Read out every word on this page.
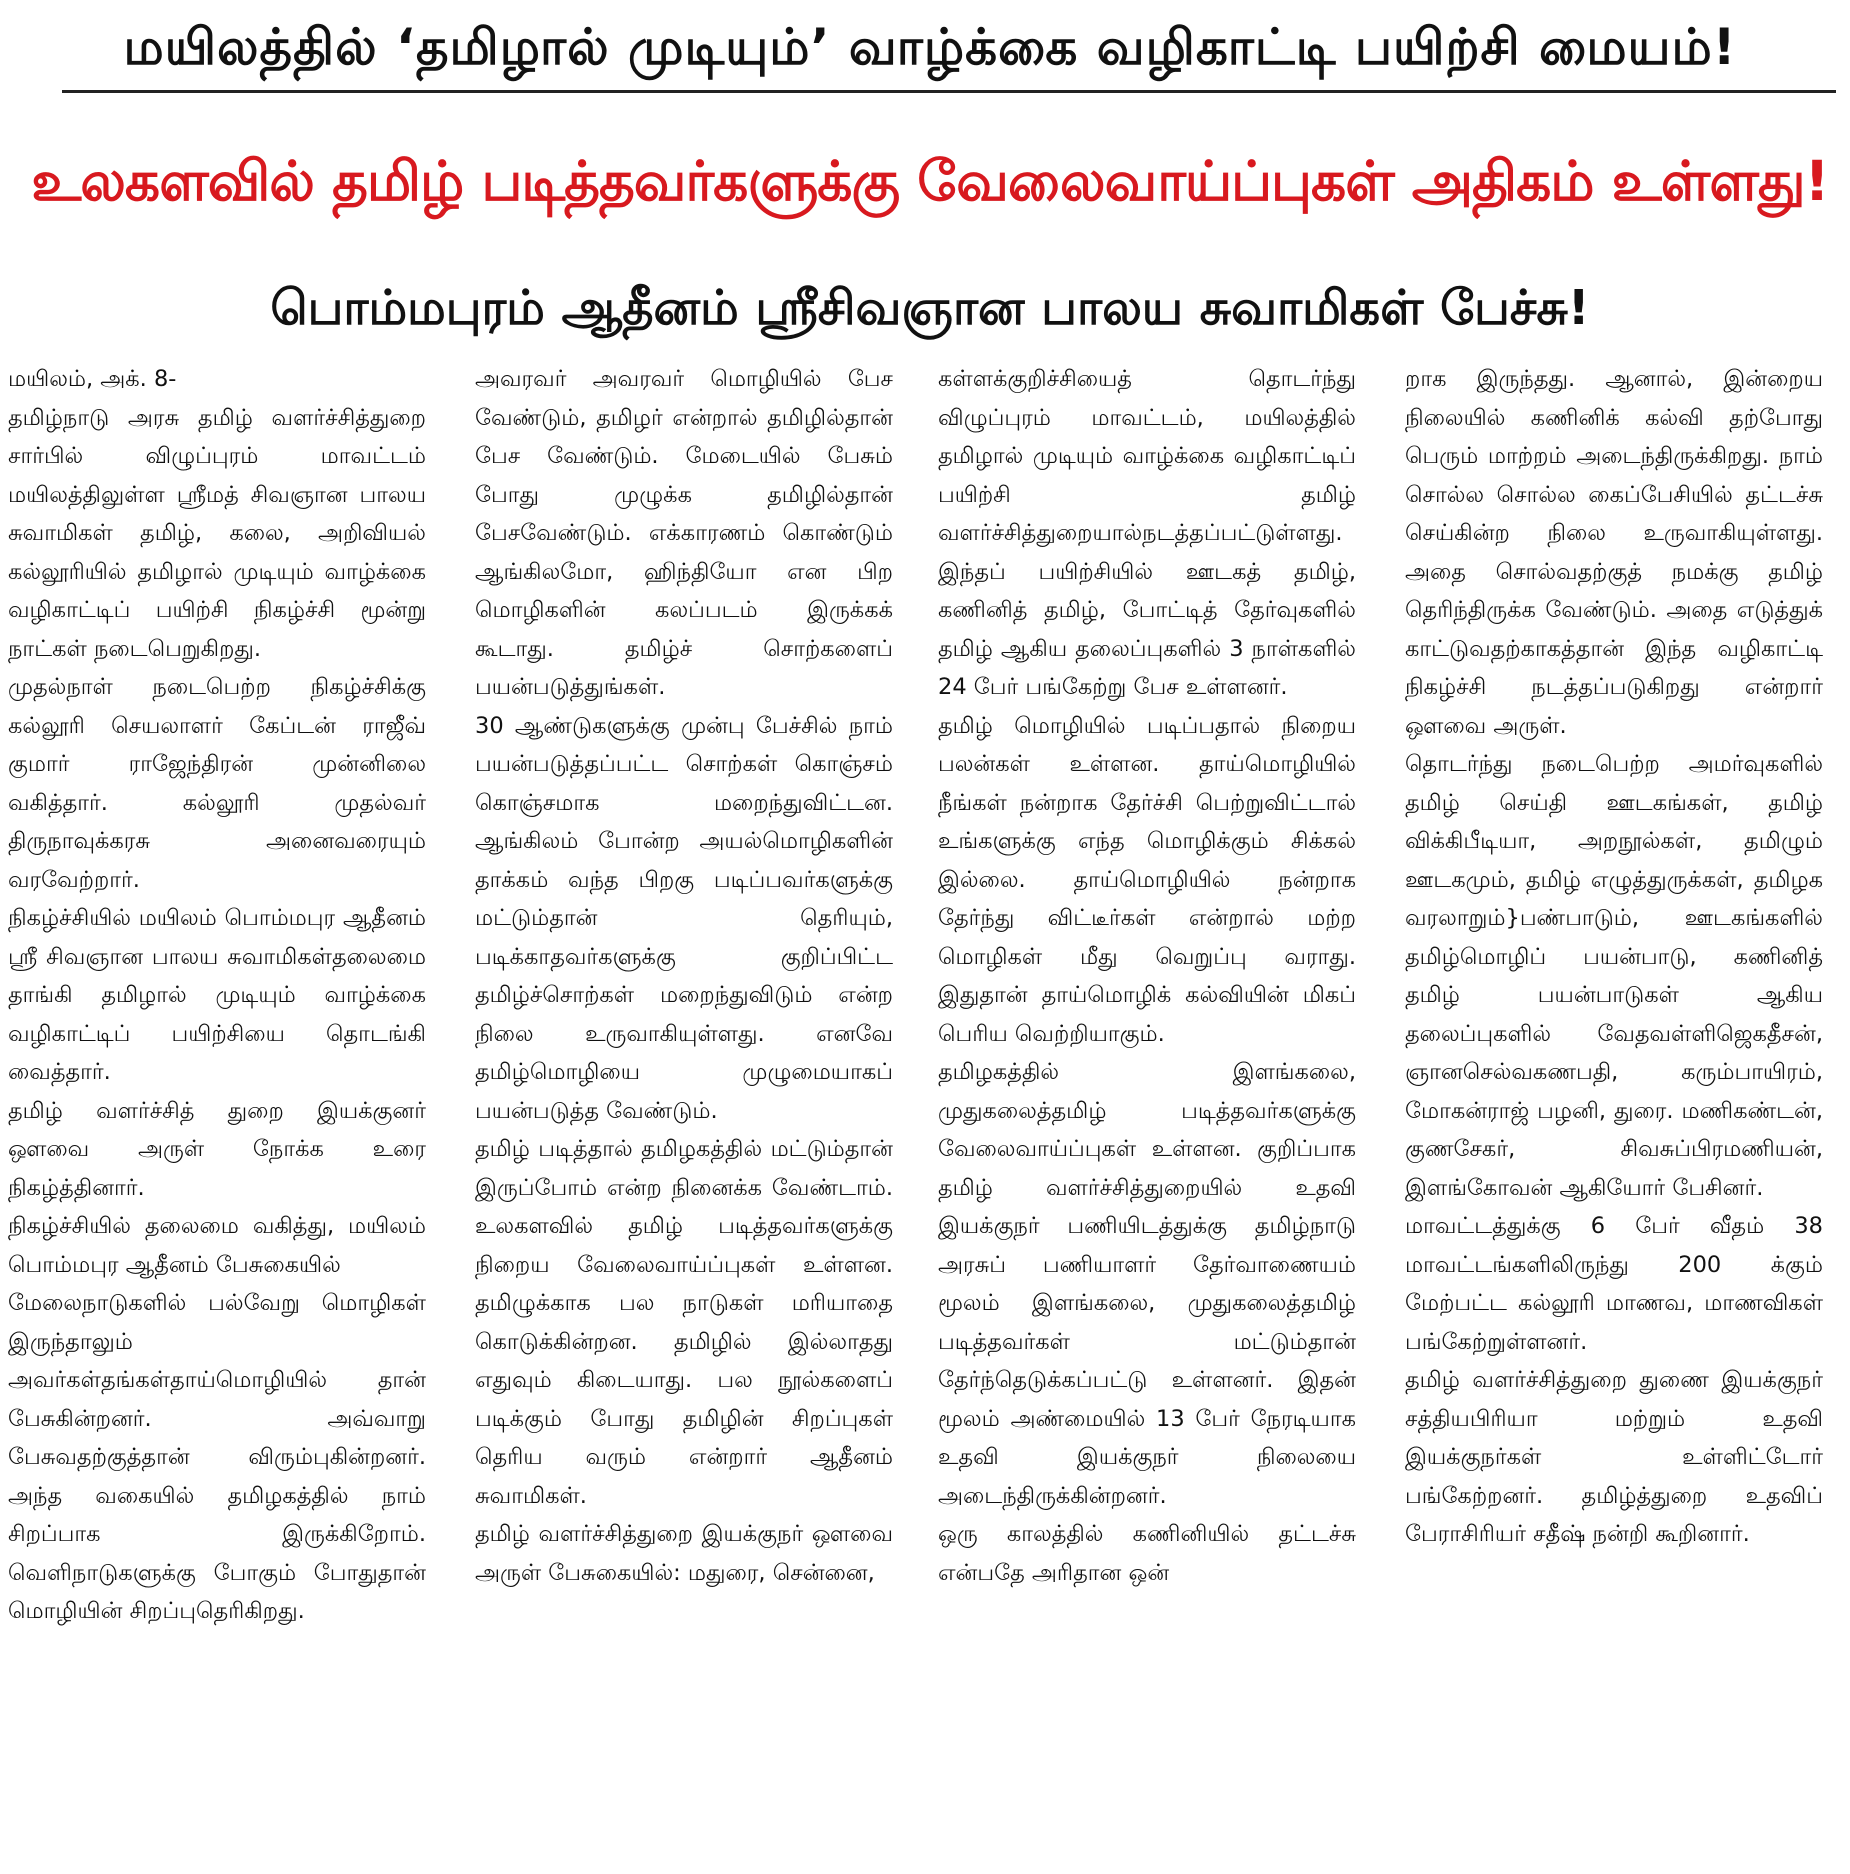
மயிலத்தில் ‘தமிழால் முடியும்’ வாழ்க்கை வழிகாட்டி பயிற்சி மையம்!
உலகளவில் தமிழ் படித்தவர்களுக்கு வேலைவாய்ப்புகள் அதிகம் உள்ளது!
பொம்மபுரம் ஆதீனம் ஸ்ரீசிவஞான பாலய சுவாமிகள் பேச்சு!

மயிலம், அக். 8-
தமிழ்நாடு அரசு தமிழ் வளர்ச்சித்துறை சார்பில் விழுப்புரம் மாவட்டம் மயிலத்திலுள்ள ஸ்ரீமத் சிவஞான பாலய சுவாமிகள் தமிழ், கலை, அறிவியல் கல்லூரியில் தமிழால் முடியும் வாழ்க்கை வழிகாட்டிப் பயிற்சி நிகழ்ச்சி மூன்று நாட்கள் நடைபெறுகிறது.
முதல்நாள் நடைபெற்ற நிகழ்ச்சிக்கு கல்லூரி செயலாளர் கேப்டன் ராஜீவ் குமார் ராஜேந்திரன் முன்னிலை வகித்தார். கல்லூரி முதல்வர் திருநாவுக்கரசு அனைவரையும் வரவேற்றார்.
நிகழ்ச்சியில் மயிலம் பொம்மபுர ஆதீனம் ஸ்ரீ சிவஞான பாலய சுவாமிகள்தலைமை தாங்கி தமிழால் முடியும் வாழ்க்கை வழிகாட்டிப் பயிற்சியை தொடங்கி வைத்தார்.
தமிழ் வளர்ச்சித் துறை இயக்குனர் ஔவை அருள் நோக்க உரை நிகழ்த்தினார்.
நிகழ்ச்சியில் தலைமை வகித்து, மயிலம் பொம்மபுர ஆதீனம் பேசுகையில்
மேலைநாடுகளில் பல்வேறு மொழிகள் இருந்தாலும் அவர்கள்தங்கள்தாய்மொழியில் தான் பேசுகின்றனர். அவ்வாறு பேசுவதற்குத்தான் விரும்புகின்றனர். அந்த வகையில் தமிழகத்தில் நாம் சிறப்பாக இருக்கிறோம். வெளிநாடுகளுக்கு போகும் போதுதான் மொழியின் சிறப்புதெரிகிறது.

அவரவர் அவரவர் மொழியில் பேச வேண்டும், தமிழர் என்றால் தமிழில்தான் பேச வேண்டும். மேடையில் பேசும் போது முழுக்க தமிழில்தான் பேசவேண்டும். எக்காரணம் கொண்டும் ஆங்கிலமோ, ஹிந்தியோ என பிற மொழிகளின் கலப்படம் இருக்கக் கூடாது. தமிழ்ச் சொற்களைப் பயன்படுத்துங்கள்.
30 ஆண்டுகளுக்கு முன்பு பேச்சில் நாம் பயன்படுத்தப்பட்ட சொற்கள் கொஞ்சம் கொஞ்சமாக மறைந்துவிட்டன. ஆங்கிலம் போன்ற அயல்மொழிகளின் தாக்கம் வந்த பிறகு படிப்பவர்களுக்கு மட்டும்தான் தெரியும், படிக்காதவர்களுக்கு குறிப்பிட்ட தமிழ்ச்சொற்கள் மறைந்துவிடும் என்ற நிலை உருவாகியுள்ளது. எனவே தமிழ்மொழியை முழுமையாகப் பயன்படுத்த வேண்டும்.
தமிழ் படித்தால் தமிழகத்தில் மட்டும்தான் இருப்போம் என்ற நினைக்க வேண்டாம். உலகளவில் தமிழ் படித்தவர்களுக்கு நிறைய வேலைவாய்ப்புகள் உள்ளன. தமிழுக்காக பல நாடுகள் மரியாதை கொடுக்கின்றன. தமிழில் இல்லாதது எதுவும் கிடையாது. பல நூல்களைப் படிக்கும் போது தமிழின் சிறப்புகள் தெரிய வரும் என்றார் ஆதீனம் சுவாமிகள்.
தமிழ் வளர்ச்சித்துறை இயக்குநர் ஔவை அருள் பேசுகையில்: மதுரை, சென்னை,

கள்ளக்குறிச்சியைத் தொடர்ந்து விழுப்புரம் மாவட்டம், மயிலத்தில் தமிழால் முடியும் வாழ்க்கை வழிகாட்டிப் பயிற்சி தமிழ் வளர்ச்சித்துறையால்நடத்தப்பட்டுள்ளது. இந்தப் பயிற்சியில் ஊடகத் தமிழ், கணினித் தமிழ், போட்டித் தேர்வுகளில் தமிழ் ஆகிய தலைப்புகளில் 3 நாள்களில் 24 பேர் பங்கேற்று பேச உள்ளனர்.
தமிழ் மொழியில் படிப்பதால் நிறைய பலன்கள் உள்ளன. தாய்மொழியில் நீங்கள் நன்றாக தேர்ச்சி பெற்றுவிட்டால் உங்களுக்கு எந்த மொழிக்கும் சிக்கல் இல்லை. தாய்மொழியில் நன்றாக தேர்ந்து விட்டீர்கள் என்றால் மற்ற மொழிகள் மீது வெறுப்பு வராது. இதுதான் தாய்மொழிக் கல்வியின் மிகப் பெரிய வெற்றியாகும்.
தமிழகத்தில் இளங்கலை, முதுகலைத்தமிழ் படித்தவர்களுக்கு வேலைவாய்ப்புகள் உள்ளன. குறிப்பாக தமிழ் வளர்ச்சித்துறையில் உதவி இயக்குநர் பணியிடத்துக்கு தமிழ்நாடு அரசுப் பணியாளர் தேர்வாணையம் மூலம் இளங்கலை, முதுகலைத்தமிழ் படித்தவர்கள் மட்டும்தான் தேர்ந்தெடுக்கப்பட்டு உள்ளனர். இதன் மூலம் அண்மையில் 13 பேர் நேரடியாக உதவி இயக்குநர் நிலையை அடைந்திருக்கின்றனர்.
ஒரு காலத்தில் கணினியில் தட்டச்சு என்பதே அரிதான ஒன்

றாக இருந்தது. ஆனால், இன்றைய நிலையில் கணினிக் கல்வி தற்போது பெரும் மாற்றம் அடைந்திருக்கிறது. நாம் சொல்ல சொல்ல கைப்பேசியில் தட்டச்சு செய்கின்ற நிலை உருவாகியுள்ளது. அதை சொல்வதற்குத் நமக்கு தமிழ் தெரிந்திருக்க வேண்டும். அதை எடுத்துக் காட்டுவதற்காகத்தான் இந்த வழிகாட்டி நிகழ்ச்சி நடத்தப்படுகிறது என்றார் ஔவை அருள்.
தொடர்ந்து நடைபெற்ற அமர்வுகளில் தமிழ் செய்தி ஊடகங்கள், தமிழ் விக்கிபீடியா, அறநூல்கள், தமிழும் ஊடகமும், தமிழ் எழுத்துருக்கள், தமிழக வரலாறும்}பண்பாடும், ஊடகங்களில் தமிழ்மொழிப் பயன்பாடு, கணினித் தமிழ் பயன்பாடுகள் ஆகிய தலைப்புகளில் வேதவள்ளிஜெகதீசன், ஞானசெல்வகணபதி, கரும்பாயிரம், மோகன்ராஜ் பழனி, துரை. மணிகண்டன், குணசேகர், சிவசுப்பிரமணியன், இளங்கோவன் ஆகியோர் பேசினர்.
மாவட்டத்துக்கு 6 பேர் வீதம் 38 மாவட்டங்களிலிருந்து 200 க்கும் மேற்பட்ட கல்லூரி மாணவ, மாணவிகள் பங்கேற்றுள்ளனர்.
தமிழ் வளர்ச்சித்துறை துணை இயக்குநர் சத்தியபிரியா மற்றும் உதவி இயக்குநர்கள் உள்ளிட்டோர் பங்கேற்றனர். தமிழ்த்துறை உதவிப் பேராசிரியர் சதீஷ் நன்றி கூறினார்.
